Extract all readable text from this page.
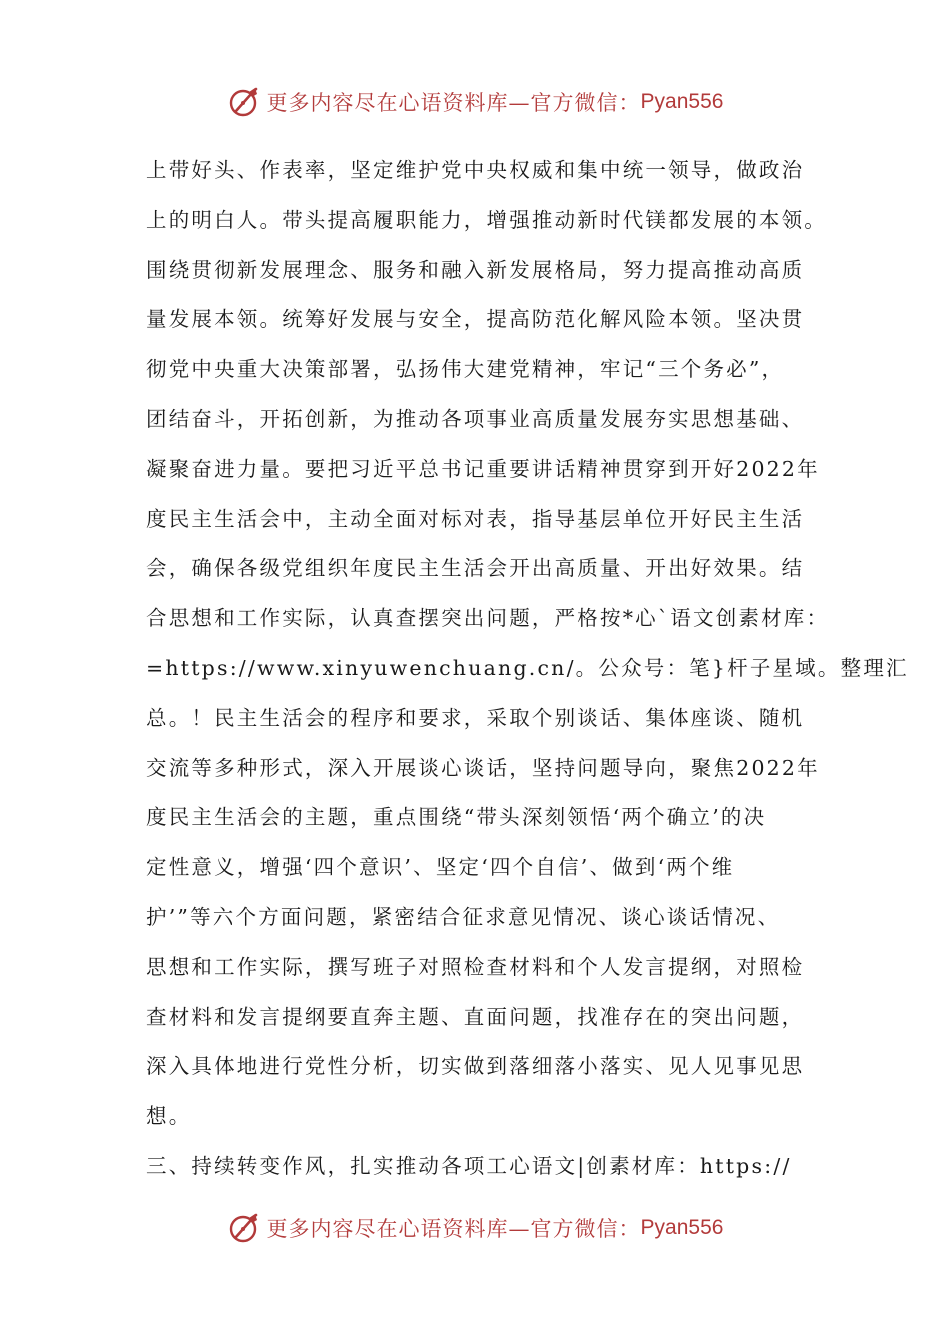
更多内容尽在心语资料库—官方微信： Pyan556
上带好头、作表率，坚定维护党中央权威和集中统一领导，做政治
上的明白人。带头提高履职能力，增强推动新时代镁都发展的本领。
围绕贯彻新发展理念、服务和融入新发展格局，努力提高推动高质
量发展本领。统筹好发展与安全，提高防范化解风险本领。坚决贯
彻党中央重大决策部署，弘扬伟大建党精神，牢记“三个务必”，
团结奋斗，开拓创新，为推动各项事业高质量发展夯实思想基础、
凝聚奋进力量。要把习近平总书记重要讲话精神贯穿到开好2022年
度民主生活会中，主动全面对标对表，指导基层单位开好民主生活
会，确保各级党组织年度民主生活会开出高质量、开出好效果。结
合思想和工作实际，认真查摆突出问题，严格按*心`语文创素材库：
=https://www.xinyuwenchuang.cn/。公众号：笔}杆子星域。整理汇
总。！民主生活会的程序和要求，采取个别谈话、集体座谈、随机
交流等多种形式，深入开展谈心谈话，坚持问题导向，聚焦2022年
度民主生活会的主题，重点围绕“带头深刻领悟‘两个确立’的决
定性意义，增强‘四个意识’、坚定‘四个自信’、做到‘两个维
护’”等六个方面问题，紧密结合征求意见情况、谈心谈话情况、
思想和工作实际，撰写班子对照检查材料和个人发言提纲，对照检
查材料和发言提纲要直奔主题、直面问题，找准存在的突出问题，
深入具体地进行党性分析，切实做到落细落小落实、见人见事见思
想。
三、持续转变作风，扎实推动各项工心语文|创素材库：https://
更多内容尽在心语资料库—官方微信： Pyan556
